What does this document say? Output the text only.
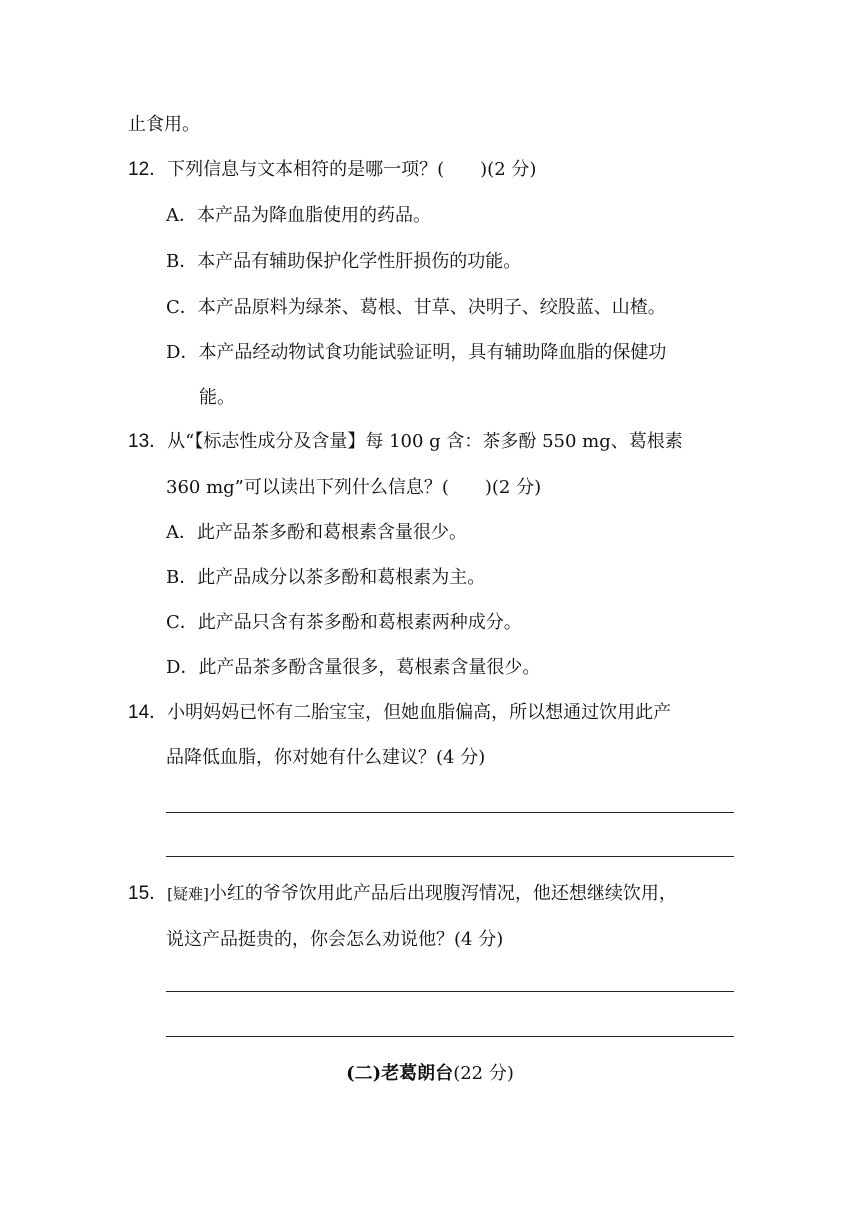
止食用。
12．下列信息与文本相符的是哪一项？(　　)(2 分)
A．本产品为降血脂使用的药品。
B．本产品有辅助保护化学性肝损伤的功能。
C．本产品原料为绿茶、葛根、甘草、决明子、绞股蓝、山楂。
D．本产品经动物试食功能试验证明，具有辅助降血脂的保健功
能。
13．从“【标志性成分及含量】每 100 g 含：茶多酚 550 mg、葛根素
360 mg”可以读出下列什么信息？(　　)(2 分)
A．此产品茶多酚和葛根素含量很少。
B．此产品成分以茶多酚和葛根素为主。
C．此产品只含有茶多酚和葛根素两种成分。
D．此产品茶多酚含量很多，葛根素含量很少。
14．小明妈妈已怀有二胎宝宝，但她血脂偏高，所以想通过饮用此产
品降低血脂，你对她有什么建议？(4 分)
15．[疑难]小红的爷爷饮用此产品后出现腹泻情况，他还想继续饮用，
说这产品挺贵的，你会怎么劝说他？(4 分)
(二)老葛朗台(22 分)
